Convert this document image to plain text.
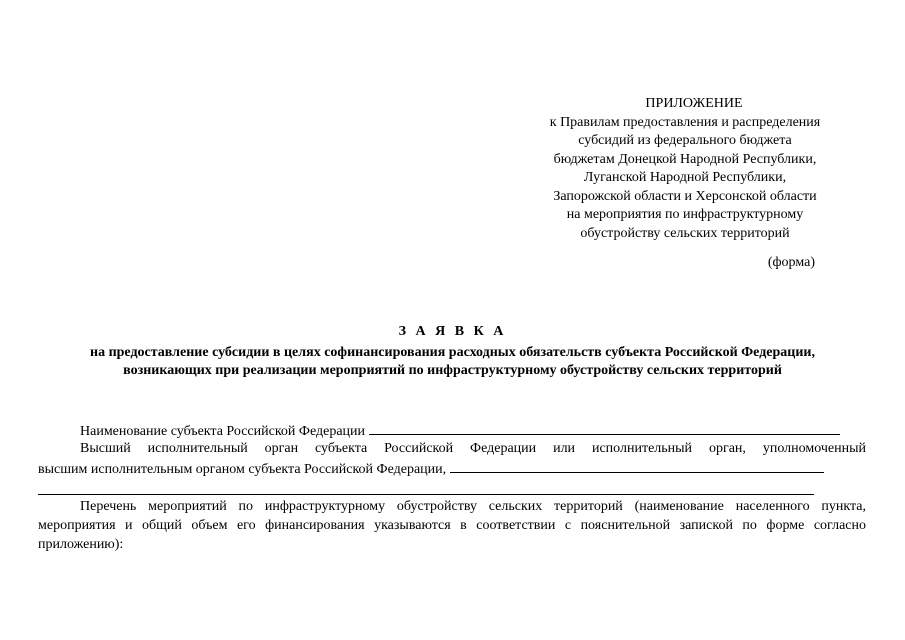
ПРИЛОЖЕНИЕ
к Правилам предоставления и распределения
субсидий из федерального бюджета
бюджетам Донецкой Народной Республики,
Луганской Народной Республики,
Запорожской области и Херсонской области
на мероприятия по инфраструктурному
обустройству сельских территорий
(форма)
З А Я В К А
на предоставление субсидии в целях софинансирования расходных обязательств субъекта Российской Федерации,
возникающих при реализации мероприятий по инфраструктурному обустройству сельских территорий
Наименование субъекта Российской Федерации
Высший исполнительный орган субъекта Российской Федерации или исполнительный орган, уполномоченный
высшим исполнительным органом субъекта Российской Федерации,
Перечень мероприятий по инфраструктурному обустройству сельских территорий (наименование населенного пункта,
мероприятия и общий объем его финансирования указываются в соответствии с пояснительной запиской по форме согласно
приложению):
